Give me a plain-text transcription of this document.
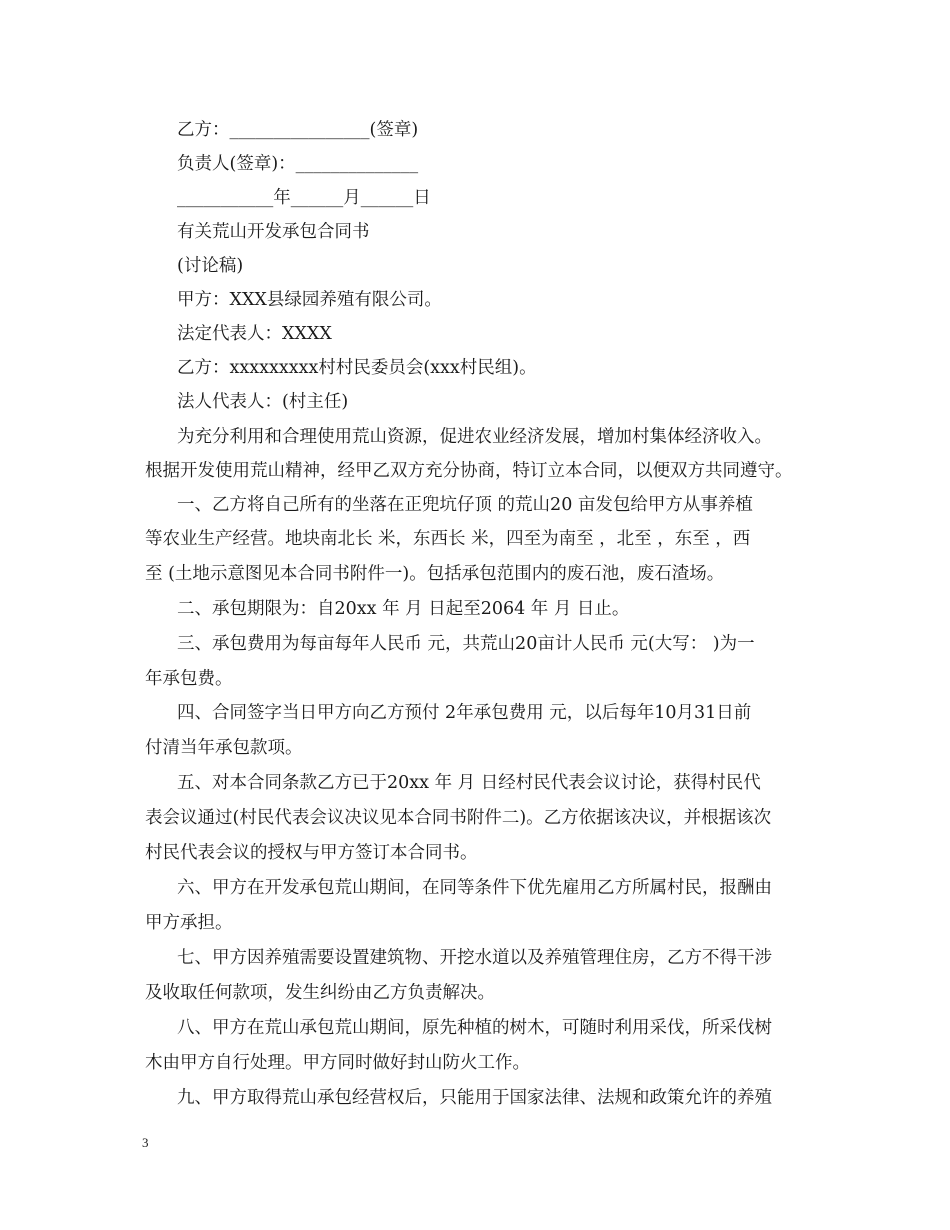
乙方：________________(签章)
负责人(签章)：______________
___________年______月______日
有关荒山开发承包合同书
(讨论稿)
甲方：XXX县绿园养殖有限公司。
法定代表人：XXXX
乙方：xxxxxxxxx村村民委员会(xxx村民组)。
法人代表人：(村主任)
为充分利用和合理使用荒山资源，促进农业经济发展，增加村集体经济收入。
根据开发使用荒山精神，经甲乙双方充分协商，特订立本合同，以便双方共同遵守。
一、乙方将自己所有的坐落在正兜坑仔顶 的荒山20 亩发包给甲方从事养植
等农业生产经营。地块南北长 米，东西长 米，四至为南至 ，北至 ，东至 ，西
至 (土地示意图见本合同书附件一)。包括承包范围内的废石池，废石渣场。
二、承包期限为：自20xx 年 月 日起至2064 年 月 日止。
三、承包费用为每亩每年人民币 元，共荒山20亩计人民币 元(大写： )为一
年承包费。
四、合同签字当日甲方向乙方预付 2年承包费用 元，以后每年10月31日前
付清当年承包款项。
五、对本合同条款乙方已于20xx 年 月 日经村民代表会议讨论，获得村民代
表会议通过(村民代表会议决议见本合同书附件二)。乙方依据该决议，并根据该次
村民代表会议的授权与甲方签订本合同书。
六、甲方在开发承包荒山期间，在同等条件下优先雇用乙方所属村民，报酬由
甲方承担。
七、甲方因养殖需要设置建筑物、开挖水道以及养殖管理住房，乙方不得干涉
及收取任何款项，发生纠纷由乙方负责解决。
八、甲方在荒山承包荒山期间，原先种植的树木，可随时利用采伐，所采伐树
木由甲方自行处理。甲方同时做好封山防火工作。
九、甲方取得荒山承包经营权后，只能用于国家法律、法规和政策允许的养殖
3
